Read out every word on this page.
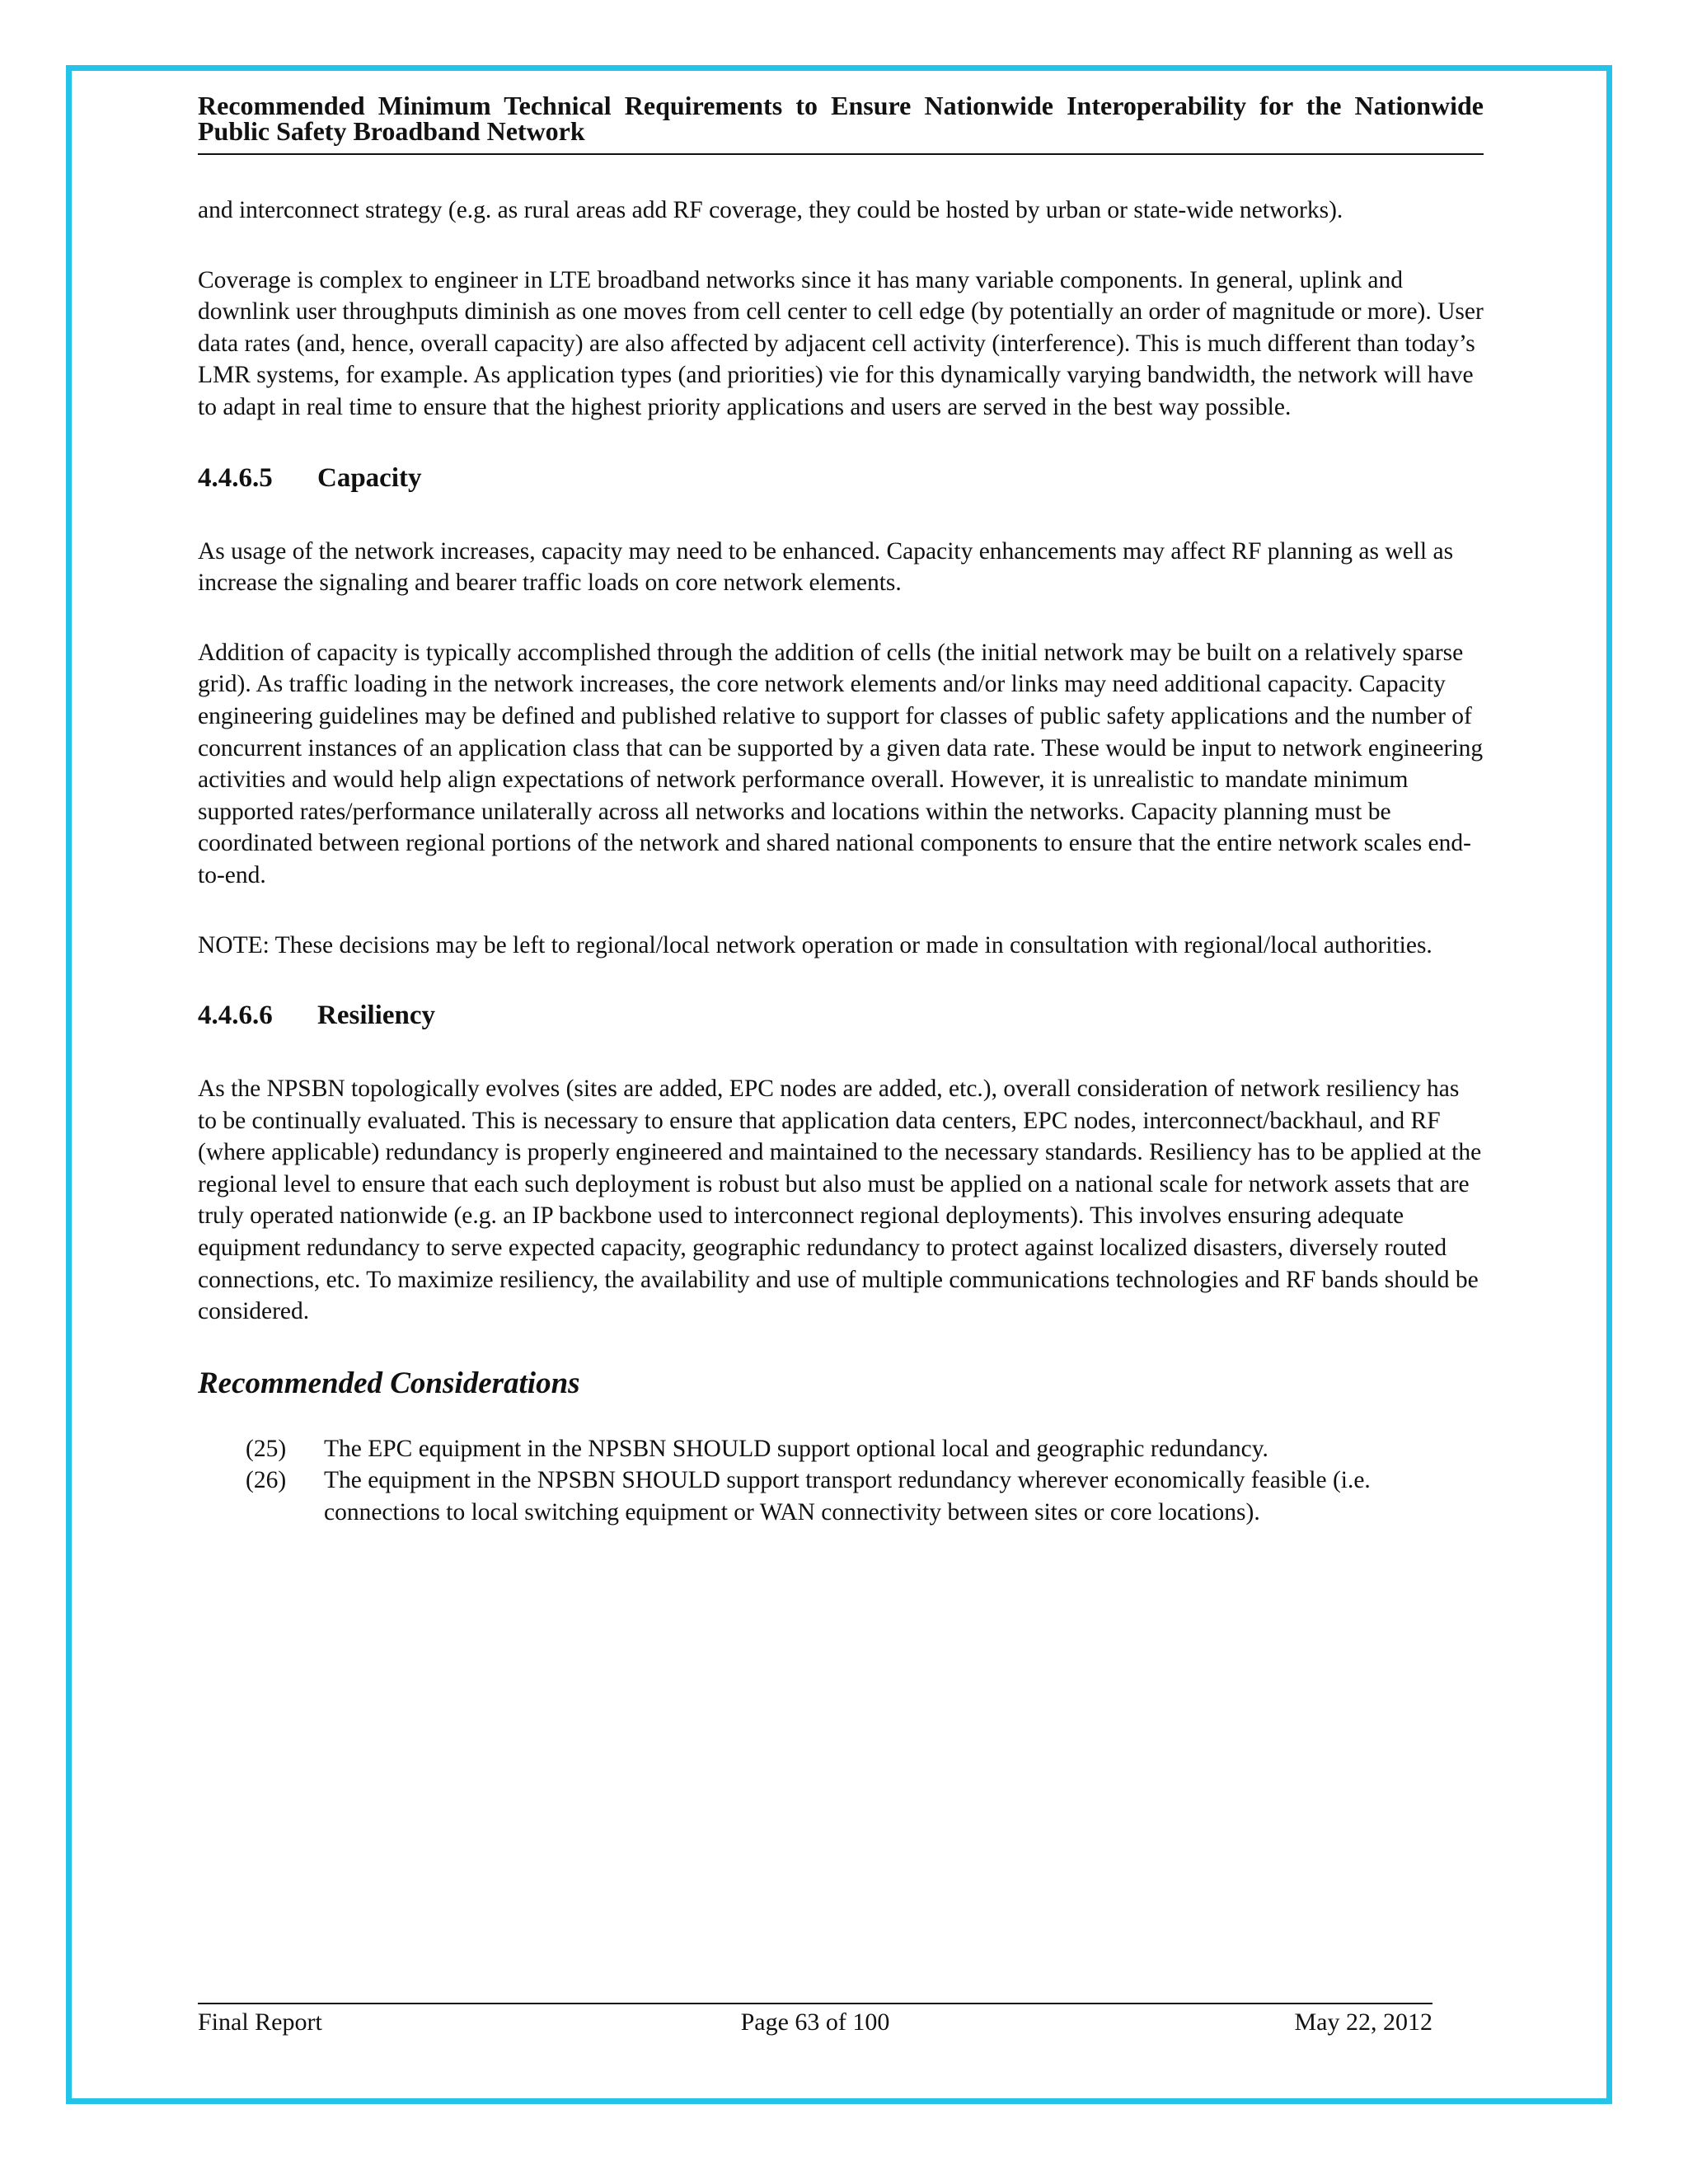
Recommended Minimum Technical Requirements to Ensure Nationwide Interoperability for the Nationwide Public Safety Broadband Network

and interconnect strategy (e.g. as rural areas add RF coverage, they could be hosted by urban or state-wide networks).

Coverage is complex to engineer in LTE broadband networks since it has many variable components. In general, uplink and downlink user throughputs diminish as one moves from cell center to cell edge (by potentially an order of magnitude or more). User data rates (and, hence, overall capacity) are also affected by adjacent cell activity (interference). This is much different than today’s LMR systems, for example. As application types (and priorities) vie for this dynamically varying bandwidth, the network will have to adapt in real time to ensure that the highest priority applications and users are served in the best way possible.

4.4.6.5	Capacity

As usage of the network increases, capacity may need to be enhanced. Capacity enhancements may affect RF planning as well as increase the signaling and bearer traffic loads on core network elements.

Addition of capacity is typically accomplished through the addition of cells (the initial network may be built on a relatively sparse grid). As traffic loading in the network increases, the core network elements and/or links may need additional capacity. Capacity engineering guidelines may be defined and published relative to support for classes of public safety applications and the number of concurrent instances of an application class that can be supported by a given data rate. These would be input to network engineering activities and would help align expectations of network performance overall. However, it is unrealistic to mandate minimum supported rates/performance unilaterally across all networks and locations within the networks. Capacity planning must be coordinated between regional portions of the network and shared national components to ensure that the entire network scales end-to-end.

NOTE: These decisions may be left to regional/local network operation or made in consultation with regional/local authorities.

4.4.6.6	Resiliency

As the NPSBN topologically evolves (sites are added, EPC nodes are added, etc.), overall consideration of network resiliency has to be continually evaluated. This is necessary to ensure that application data centers, EPC nodes, interconnect/backhaul, and RF (where applicable) redundancy is properly engineered and maintained to the necessary standards. Resiliency has to be applied at the regional level to ensure that each such deployment is robust but also must be applied on a national scale for network assets that are truly operated nationwide (e.g. an IP backbone used to interconnect regional deployments). This involves ensuring adequate equipment redundancy to serve expected capacity, geographic redundancy to protect against localized disasters, diversely routed connections, etc. To maximize resiliency, the availability and use of multiple communications technologies and RF bands should be considered.

Recommended Considerations
(25)	The EPC equipment in the NPSBN SHOULD support optional local and geographic redundancy.
(26)	The equipment in the NPSBN SHOULD support transport redundancy wherever economically feasible (i.e. connections to local switching equipment or WAN connectivity between sites or core locations).
Final Report	Page 63 of 100	May 22, 2012
